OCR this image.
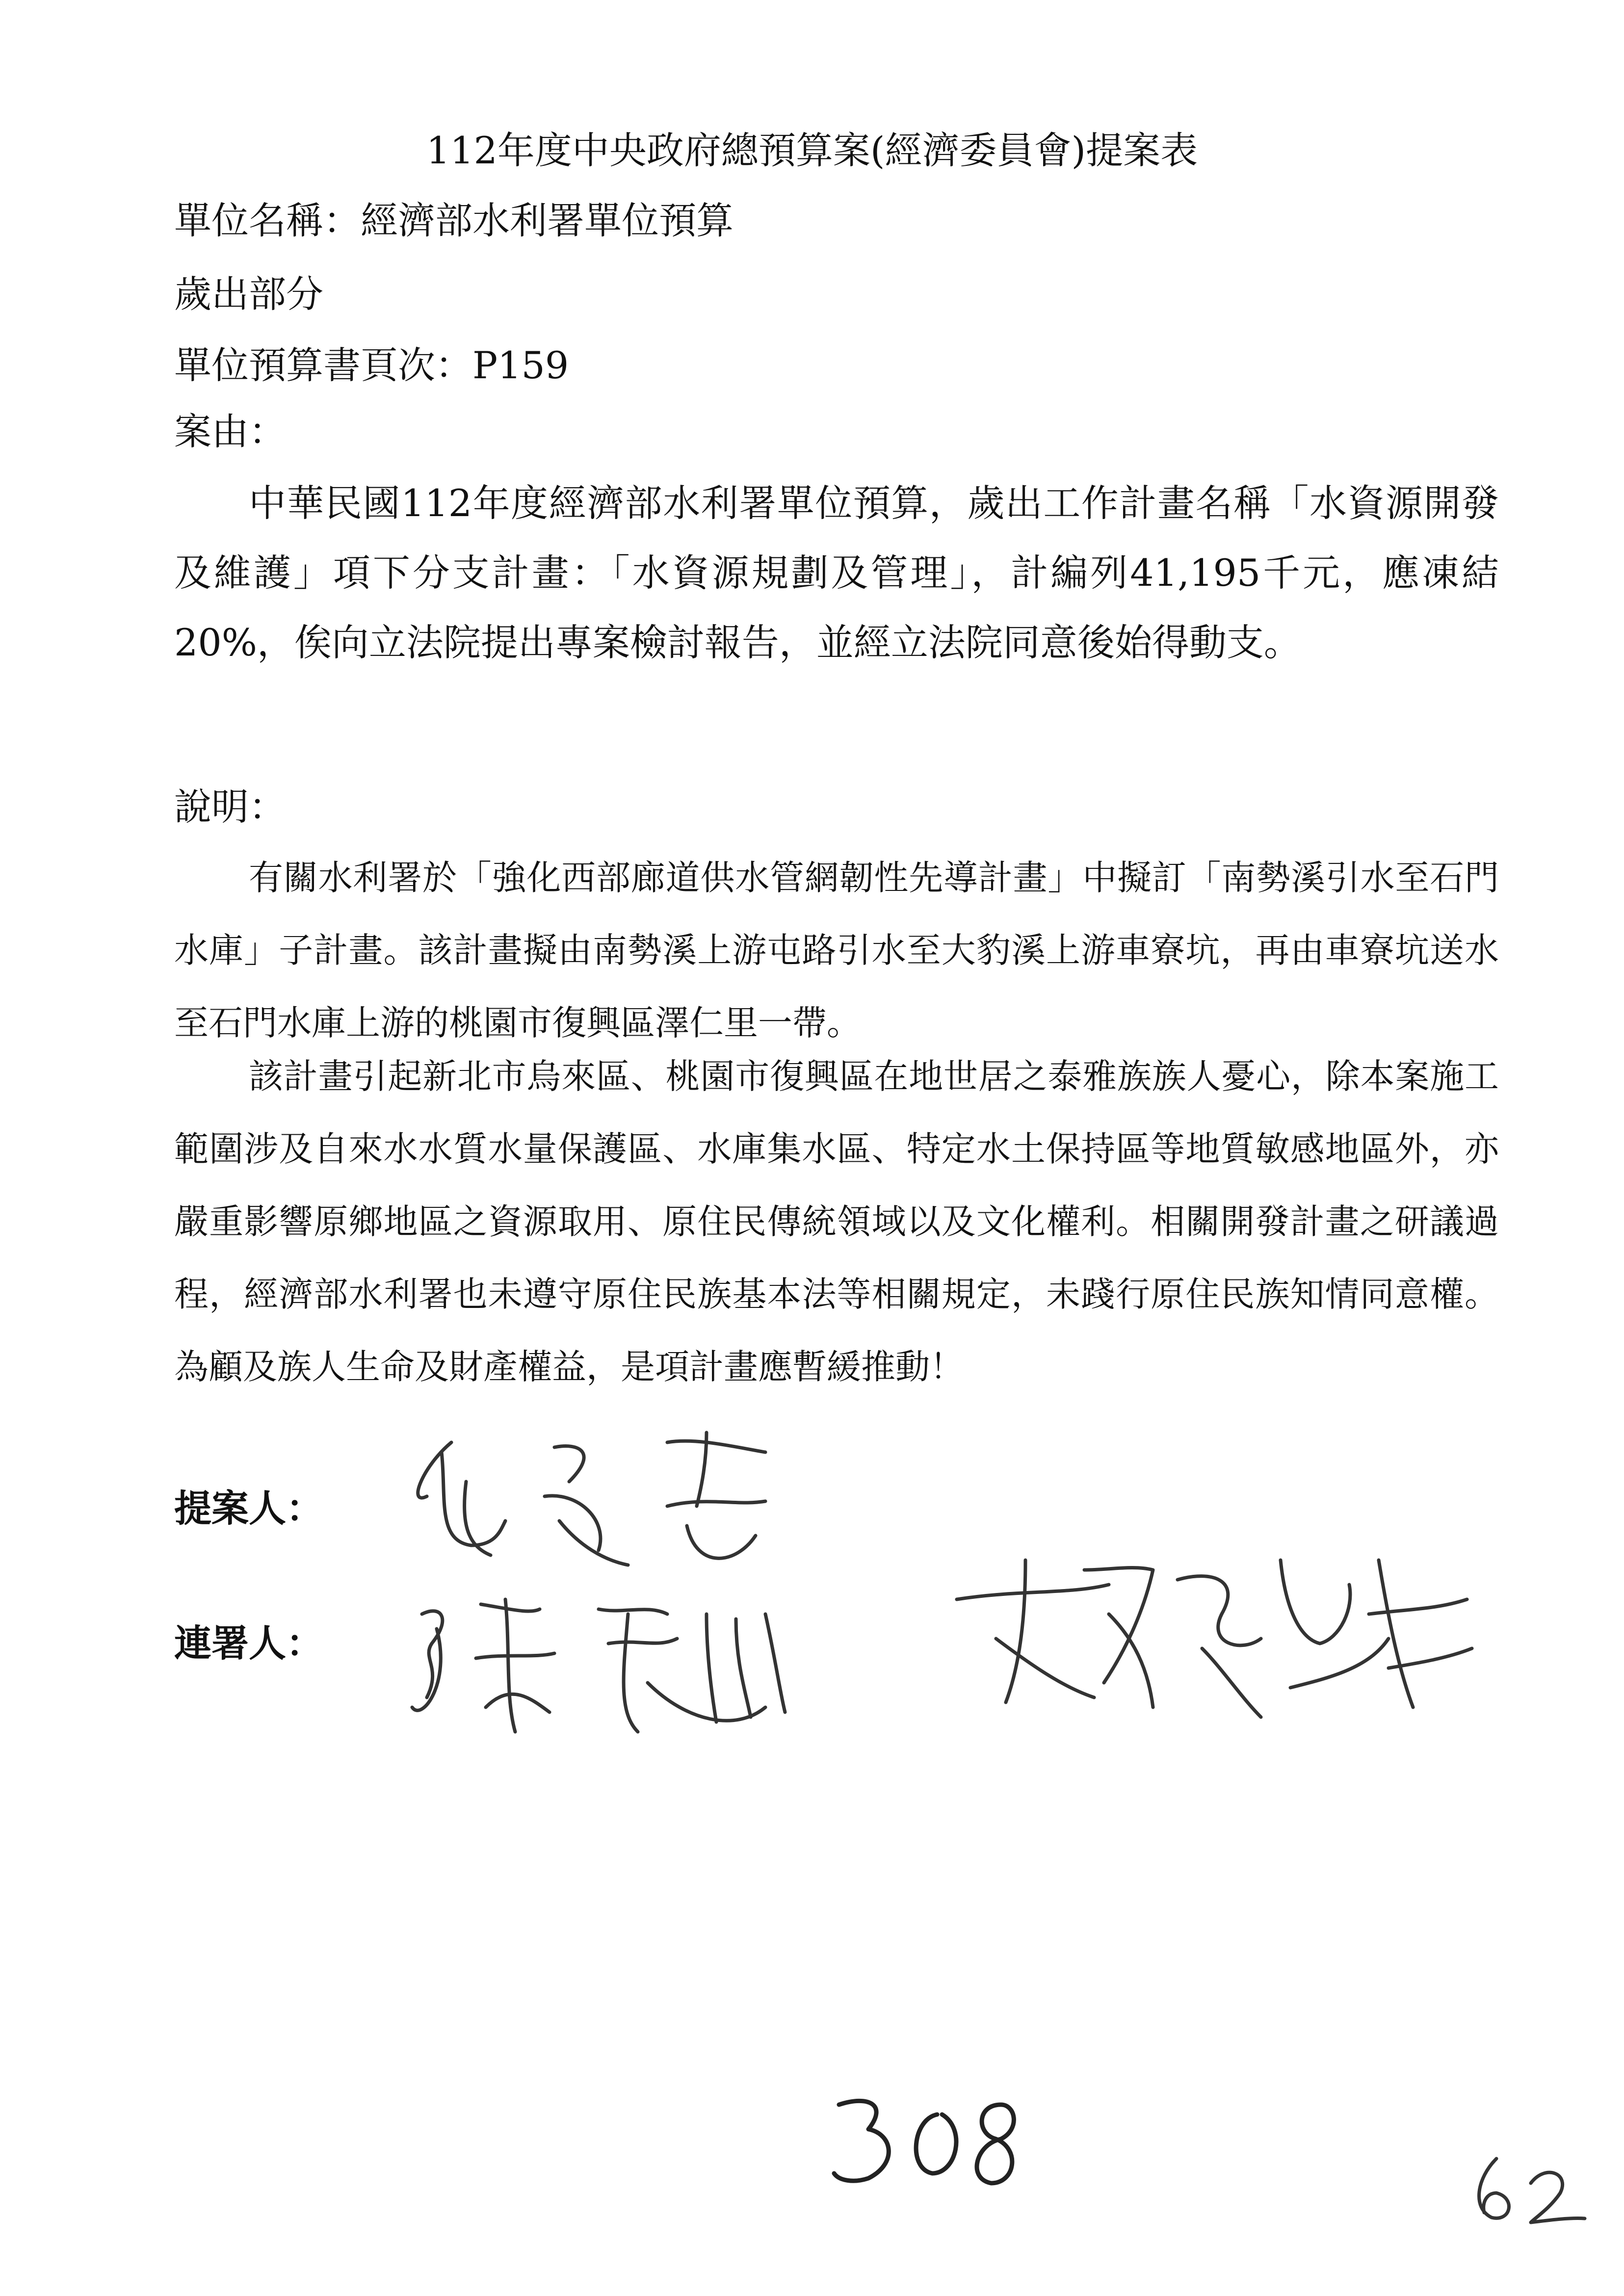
112年度中央政府總預算案(經濟委員會)提案表
單位名稱：經濟部水利署單位預算
歲出部分
單位預算書頁次：P159
案由：

中華民國112年度經濟部水利署單位預算，歲出工作計畫名稱「水資源開發及維護」項下分支計畫：「水資源規劃及管理」，計編列41,195千元，應凍結 20%，俟向立法院提出專案檢討報告，並經立法院同意後始得動支。

說明：

有關水利署於「強化西部廊道供水管網韌性先導計畫」中擬訂「南勢溪引水至石門水庫」子計畫。該計畫擬由南勢溪上游屯路引水至大豹溪上游車寮坑，再由車寮坑送水至石門水庫上游的桃園市復興區澤仁里一帶。

該計畫引起新北市烏來區、桃園市復興區在地世居之泰雅族族人憂心，除本案施工範圍涉及自來水水質水量保護區、水庫集水區、特定水土保持區等地質敏感地區外，亦嚴重影響原鄉地區之資源取用、原住民傳統領域以及文化權利。相關開發計畫之研議過程，經濟部水利署也未遵守原住民族基本法等相關規定，未踐行原住民族知情同意權。為顧及族人生命及財產權益，是項計畫應暫緩推動！

提案人：
連署人：
